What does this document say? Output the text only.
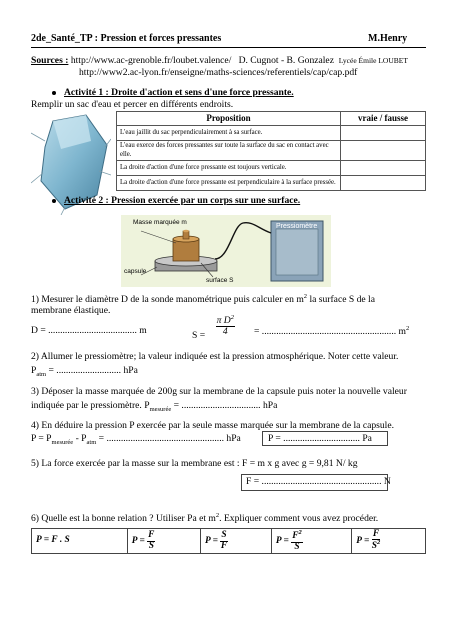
2de_Santé_TP : Pression et forces pressantes	M.Henry
Sources : http://www.ac-grenoble.fr/loubet.valence/ D. Cugnot - B. Gonzalez Lycée Émile LOUBET
http://www2.ac-lyon.fr/enseigne/maths-sciences/referentiels/cap/cap.pdf
Activité 1 : Droite d'action et sens d'une force pressante.
Remplir un sac d'eau et percer en différents endroits.
Proposition	vraie / fausse
L'eau jaillit du sac perpendiculairement à sa surface.	
L'eau exerce des forces pressantes sur toute la surface du sac en contact avec elle.	
La droite d'action d'une force pressante est toujours verticale.	
La droite d'action d'une force pressante est perpendiculaire à la surface pressée.	
Activité 2 : Pression exercée par un corps sur une surface.
Masse marquée m
Pressiomètre
capsule
surface S
1) Mesurer le diamètre D de la sonde manométrique puis calculer en $m^2$ la surface S de la
membrane élastique.
D = ..................................... m	$S = \frac{\pi D^2}{4}$ = ........................................................ $m^2$
2) Allumer le pressiomètre; la valeur indiquée est la pression atmosphérique. Noter cette valeur.
$P_{atm}$ = ........................... hPa
3) Déposer la masse marquée de 200g sur la membrane de la capsule puis noter la nouvelle valeur
indiquée par le pressiomètre. $P_{mesurée}$ = ................................. hPa
4) En déduire la pression P exercée par la seule masse marquée sur la membrane de la capsule.
$P = P_{mesurée} - P_{atm}$ = ................................................. hPa	P = ................................ Pa
5) La force exercée par la masse sur la membrane est : F = m x g avec g = 9,81 N/ kg
F = .................................................. N
6) Quelle est la bonne relation ? Utiliser Pa et $m^2$. Expliquer comment vous avez procéder.
P = F . S	$P = \frac{F}{S}$	$P = \frac{S}{F}$	$P = \frac{F^2}{S}$	$P = \frac{F}{S^2}$
